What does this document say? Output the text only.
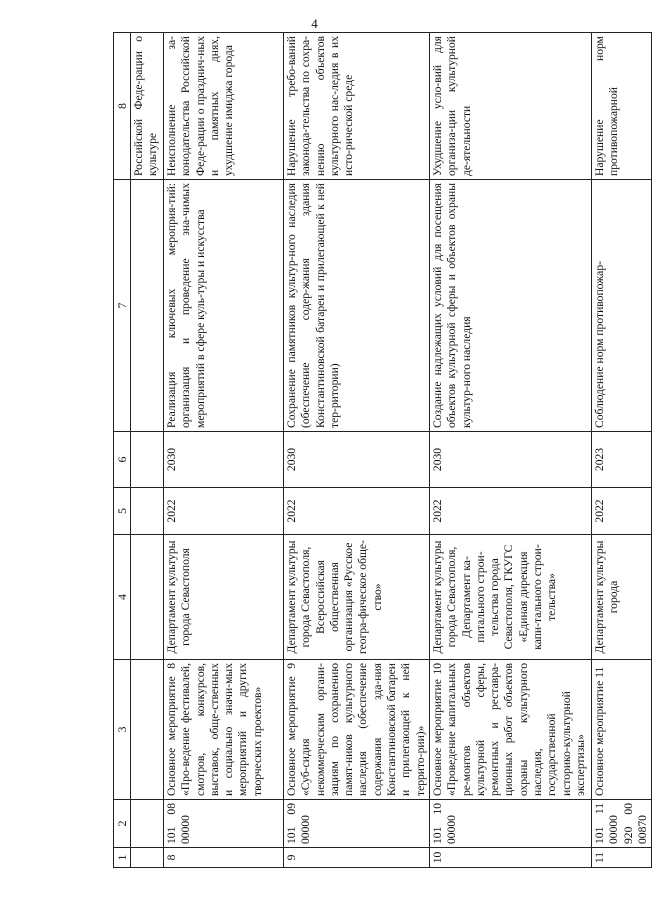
4
1	2	3	4	5	6	7	8
							Российской Феде-рации о культуре
8	101 08 00000	Основное мероприятие 8 «Про-ведение фестивалей, смотров, конкурсов, выставок, обще-ственных и социально значи-мых мероприятий и других творческих проектов»	Департамент культуры города Севастополя	2022	2030	Реализация ключевых мероприя-тий: организация и проведение зна-чимых мероприятий в сфере куль-туры и искусства	Неисполнение за-конодательства Российской Феде-рации о празднич-ных и памятных днях, ухудшение имиджа города
9	101 09 00000	Основное мероприятие 9 «Суб-сидия некоммерческим органи-зациям по сохранению памят-ников культурного наследия (обеспечение содержания зда-ния Константиновской батареи и прилегающей к ней террито-рии)»	Департамент культуры города Севастополя, Всероссийская общественная организация «Русское геогра-фическое обще-ство»	2022	2030	Сохранение памятников культур-ного наследия (обеспечение содер-жания здания Константиновской батареи и прилегающей к ней тер-ритории)	Нарушение требо-ваний законода-тельства по сохра-нению объектов культурного нас-ледия в их исто-рической среде
10	101 10 00000	Основное мероприятие 10 «Проведение капитальных ре-монтов объектов культурной сферы, ремонтных и реставра-ционных работ объектов охраны культурного наследия, государственной историко-культурной экспертизы»	Департамент культуры города Севастополя, Департамент ка-питального строи-тельства города Севастополя, ГКУГС «Единая дирекция капи-тального строи-тельства»	2022	2030	Создание надлежащих условий для посещения объектов культурной сферы и объектов охраны культур-ного наследия	Ухудшение усло-вий для организа-ции культурной де-ятельности
11	101 11 00000 920 00 00870	Основное мероприятие 11	Департамент культуры города	2022	2023	Соблюдение норм противопожар-	Нарушение норм противопожарной
